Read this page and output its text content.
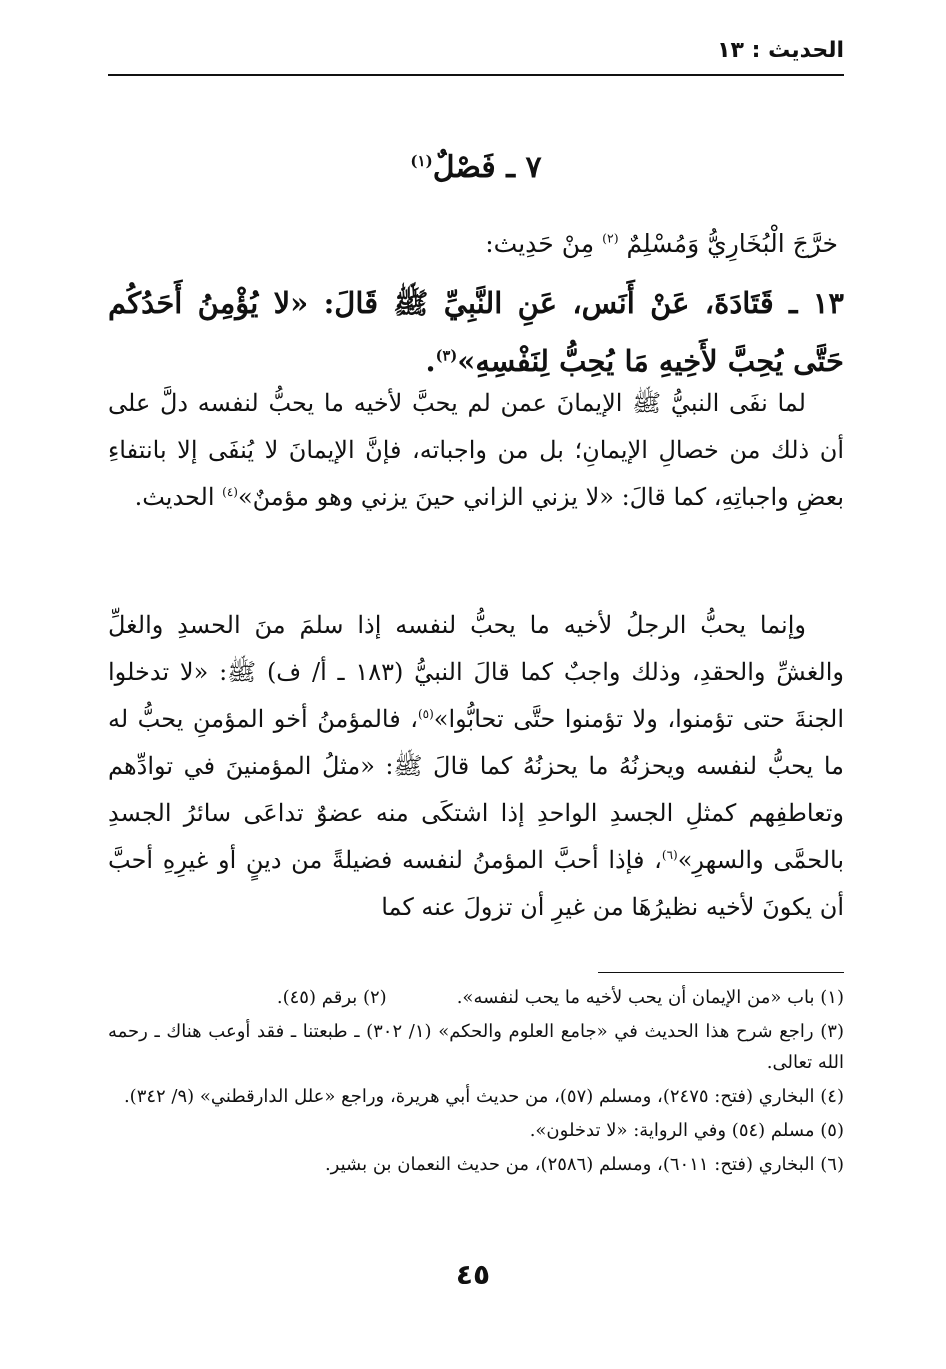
الحديث : ١٣
٧ ـ فَصْلٌ$^{(١)}$
خرَّجَ الْبُخَارِيُّ وَمُسْلِمٌ $^{(٢)}$ مِنْ حَدِيث:
١٣ ـ قَتَادَةَ، عَنْ أَنَس، عَنِ النَّبِيِّ ﷺ قَالَ: «لا يُؤْمِنُ أَحَدُكُم حَتَّى يُحِبَّ لأَخِيهِ مَا يُحِبُّ لِنَفْسِهِ»$^{(٣)}$.
لما نفَى النبيُّ ﷺ الإيمانَ عمن لم يحبَّ لأخيه ما يحبُّ لنفسه دلَّ على أن ذلك من خصالِ الإيمانِ؛ بل من واجباته، فإنَّ الإيمانَ لا يُنفَى إلا بانتفاءِ بعضِ واجباتِهِ، كما قالَ: «لا يزني الزاني حينَ يزني وهو مؤمنٌ»$^{(٤)}$ الحديث.
وإنما يحبُّ الرجلُ لأخيه ما يحبُّ لنفسه إذا سلمَ منَ الحسدِ والغلِّ والغشِّ والحقدِ، وذلك واجبٌ كما قالَ النبيُّ (١٨٣ ـ أ/ ف) ﷺ: «لا تدخلوا الجنةَ حتى تؤمنوا، ولا تؤمنوا حتَّى تحابُّوا»$^{(٥)}$، فالمؤمنُ أخو المؤمنِ يحبُّ له ما يحبُّ لنفسه ويحزنُهُ ما يحزنُهُ كما قالَ ﷺ: «مثلُ المؤمنينَ في توادِّهم وتعاطفِهم كمثلِ الجسدِ الواحدِ إذا اشتكَى منه عضوٌ تداعَى سائرُ الجسدِ بالحمَّى والسهرِ»$^{(٦)}$، فإذا أحبَّ المؤمنُ لنفسه فضيلةً من دينٍ أو غيرِهِ أحبَّ أن يكونَ لأخيه نظيرُهَا من غيرِ أن تزولَ عنه كما
(١) باب «من الإيمان أن يحب لأخيه ما يحب لنفسه».
(٢) برقم (٤٥).

(٣) راجع شرح هذا الحديث في «جامع العلوم والحكم» (١/ ٣٠٢) ـ طبعتنا ـ فقد أوعب هناك ـ رحمه الله تعالى.

(٤) البخاري (فتح: ٢٤٧٥)، ومسلم (٥٧)، من حديث أبي هريرة، وراجع «علل الدارقطني» (٩/ ٣٤٢).

(٥) مسلم (٥٤) وفي الرواية: «لا تدخلون».

(٦) البخاري (فتح: ٦٠١١)، ومسلم (٢٥٨٦)، من حديث النعمان بن بشير.

٤٥
